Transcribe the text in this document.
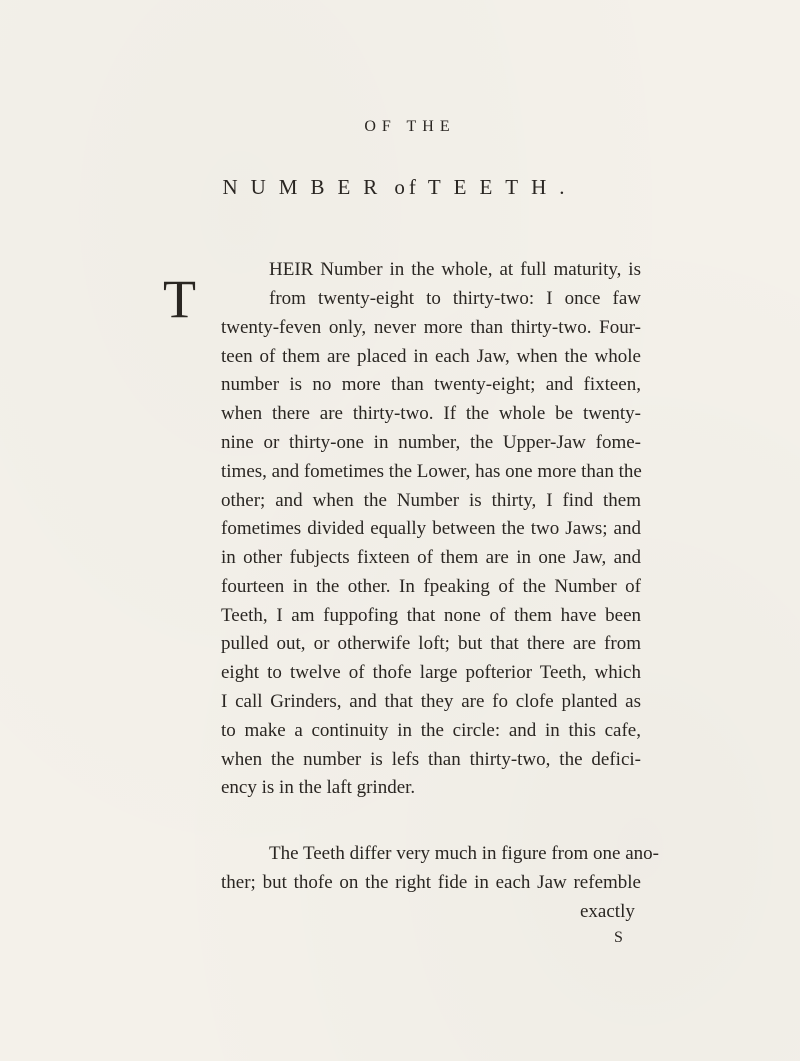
OF THE
NUMBER of TEETH.
T	HEIR Number in the whole, at full maturity, is
from twenty-eight to thirty-two: I once faw
twenty-feven only, never more than thirty-two. Four-
teen of them are placed in each Jaw, when the whole
number is no more than twenty-eight; and fixteen,
when there are thirty-two. If the whole be twenty-
nine or thirty-one in number, the Upper-Jaw fome-
times, and fometimes the Lower, has one more than the
other; and when the Number is thirty, I find them
fometimes divided equally between the two Jaws; and
in other fubjects fixteen of them are in one Jaw, and
fourteen in the other. In fpeaking of the Number of
Teeth, I am fuppofing that none of them have been
pulled out, or otherwife loft; but that there are from
eight to twelve of thofe large pofterior Teeth, which
I call Grinders, and that they are fo clofe planted as
to make a continuity in the circle: and in this cafe,
when the number is lefs than thirty-two, the defici-
ency is in the laft grinder.
The Teeth differ very much in figure from one ano-
ther; but thofe on the right fide in each Jaw refemble
exactly
S
